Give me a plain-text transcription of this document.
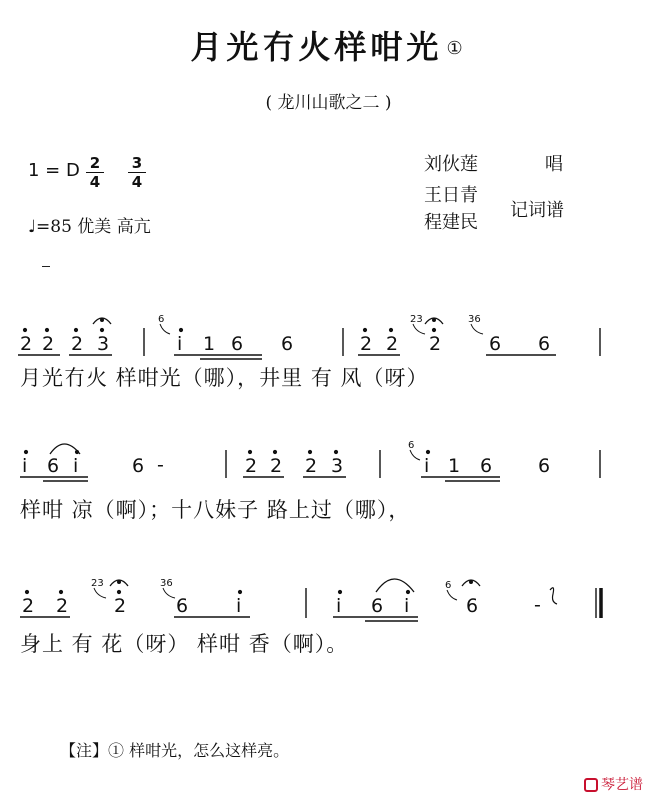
月光冇火样咁光 ①
( 龙川山歌之二 )
1 = D 2
4
3
4
♩=85 优美 高亢
刘伙莲	唱
王日青
程建民
记词谱
2 2 2 3
6
i 1 6 6	2 2
23
2
36
6 6
i 6 i	6 -	2 2 2 3
6
i 1 6 6
2 2
23
2
36
6	i	i 6 i
6
6	-
月光冇火 样咁光（哪），井里 有 风（呀）
样咁 凉（啊）；十八妹子 路上过（哪），
身上 有 花（呀） 样咁 香（啊）。
【注】① 样咁光，怎么这样亮。
琴艺谱
